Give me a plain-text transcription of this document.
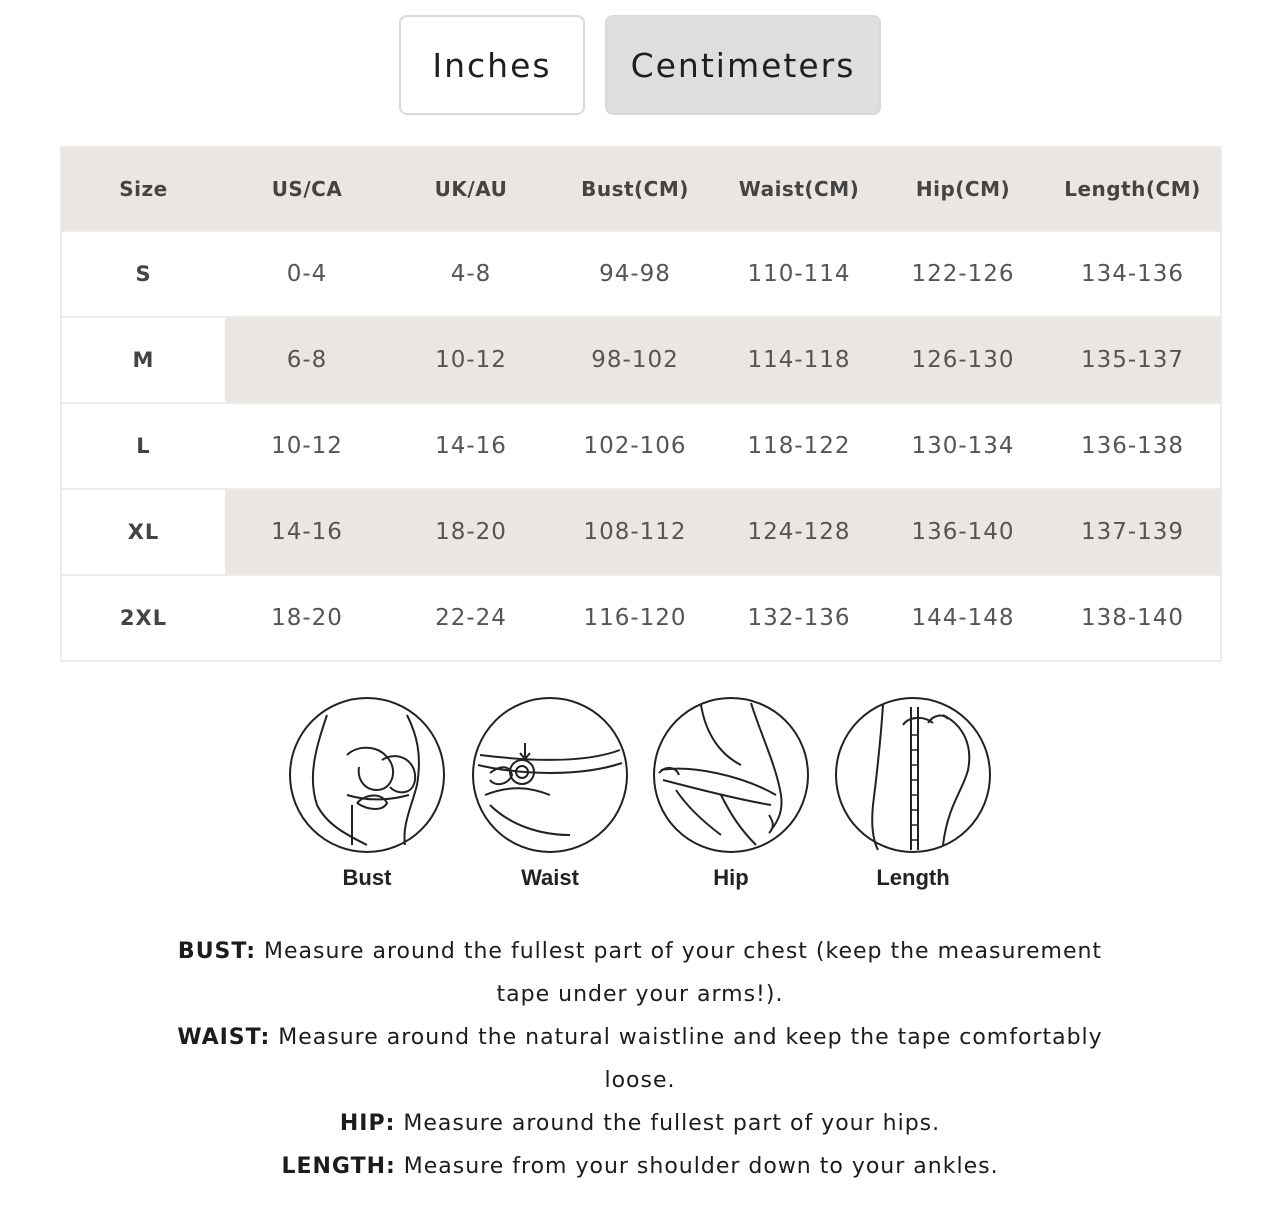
Inches	Centimeters
Size	US/CA	UK/AU	Bust(CM)	Waist(CM)	Hip(CM)	Length(CM)
S	0-4	4-8	94-98	110-114	122-126	134-136
M	6-8	10-12	98-102	114-118	126-130	135-137
L	10-12	14-16	102-106	118-122	130-134	136-138
XL	14-16	18-20	108-112	124-128	136-140	137-139
2XL	18-20	22-24	116-120	132-136	144-148	138-140
Bust	Waist	Hip	Length

BUST: Measure around the fullest part of your chest (keep the measurement tape under your arms!).

WAIST: Measure around the natural waistline and keep the tape comfortably loose.

HIP: Measure around the fullest part of your hips.

LENGTH: Measure from your shoulder down to your ankles.
